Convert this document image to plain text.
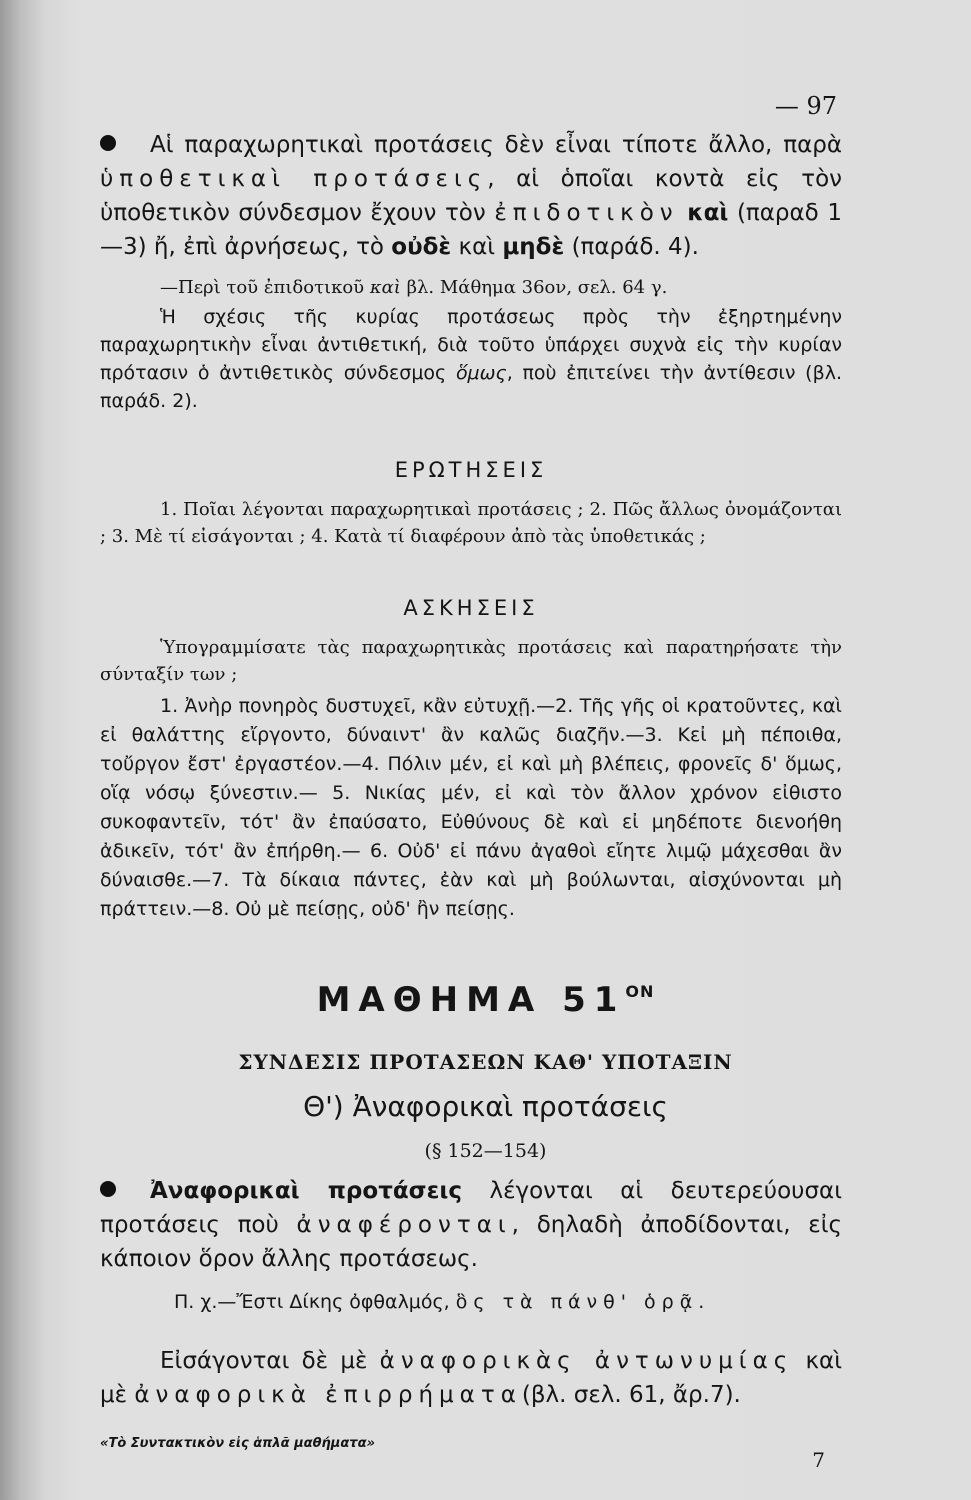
— 97

Αἱ παραχωρητικαὶ προτάσεις δὲν εἶναι τίποτε ἄλλο, παρὰ ὑποθετικαὶ προτάσεις, αἱ ὁποῖαι κοντὰ εἰς τὸν ὑποθετικὸν σύνδεσμον ἔχουν τὸν ἐπιδοτικὸν καὶ (παραδ 1—3) ἤ, ἐπὶ ἀρνήσεως, τὸ οὐδὲ καὶ μηδὲ (παράδ. 4).

—Περὶ τοῦ ἐπιδοτικοῦ καὶ βλ. Μάθημα 36ον, σελ. 64 γ.

Ἡ σχέσις τῆς κυρίας προτάσεως πρὸς τὴν ἐξηρτημένην παραχωρητικὴν εἶναι ἀντιθετική, διὰ τοῦτο ὑπάρχει συχνὰ εἰς τὴν κυρίαν πρότασιν ὁ ἀντιθετικὸς σύνδεσμος ὅμως, ποὺ ἐπιτείνει τὴν ἀντίθεσιν (βλ. παράδ. 2).

ΕΡΩΤΗΣΕΙΣ

1. Ποῖαι λέγονται παραχωρητικαὶ προτάσεις ; 2. Πῶς ἄλλως ὀνομάζονται ; 3. Μὲ τί εἰσάγονται ; 4. Κατὰ τί διαφέρουν ἀπὸ τὰς ὑποθετικάς ;

ΑΣΚΗΣΕΙΣ

Ὑπογραμμίσατε τὰς παραχωρητικὰς προτάσεις καὶ παρατηρήσατε τὴν σύνταξίν των ;

1. Ἀνὴρ πονηρὸς δυστυχεῖ, κἂν εὐτυχῇ.—2. Τῆς γῆς οἱ κρατοῦντες, καὶ εἰ θαλάττης εἴργοντο, δύναιντ' ἂν καλῶς διαζῆν.—3. Κεἰ μὴ πέποιθα, τοὔργον ἔστ' ἐργαστέον.—4. Πόλιν μέν, εἰ καὶ μὴ βλέπεις, φρονεῖς δ' ὅμως, οἵᾳ νόσῳ ξύνεστιν.— 5. Νικίας μέν, εἰ καὶ τὸν ἄλλον χρόνον εἰθιστο συκοφαντεῖν, τότ' ἂν ἐπαύσατο, Εὐθύνους δὲ καὶ εἰ μηδέποτε διενοήθη ἀδικεῖν, τότ' ἂν ἐπήρθη.— 6. Οὐδ' εἰ πάνυ ἀγαθοὶ εἴητε λιμῷ μάχεσθαι ἂν δύναισθε.—7. Τὰ δίκαια πάντες, ἐὰν καὶ μὴ βούλωνται, αἰσχύνονται μὴ πράττειν.—8. Οὐ μὲ πείσῃς, οὐδ' ἢν πείσῃς.

ΜΑΘΗΜΑ $51^{ON}$
ΣΥΝΔΕΣΙΣ ΠΡΟΤΑΣΕΩΝ ΚΑΘ' ΥΠΟΤΑΞΙΝ
Θ') Ἀναφορικαὶ προτάσεις
(§ 152—154)

Ἀναφορικαὶ προτάσεις λέγονται αἱ δευτερεύουσαι προτάσεις ποὺ ἀναφέρονται, δηλαδὴ ἀποδίδονται, εἰς κάποιον ὅρον ἄλλης προτάσεως.

Π. χ.—Ἔστι Δίκης ὀφθαλμός, ὃς τὰ πάνθ' ὁρᾷ.

Εἰσάγονται δὲ μὲ ἀναφορικὰς ἀντωνυμίας καὶ μὲ ἀναφορικὰ ἐπιρρήματα(βλ. σελ. 61, ἄρ.7).

«Τὸ Συντακτικὸν εἰς ἁπλᾶ μαθήματα»
7
